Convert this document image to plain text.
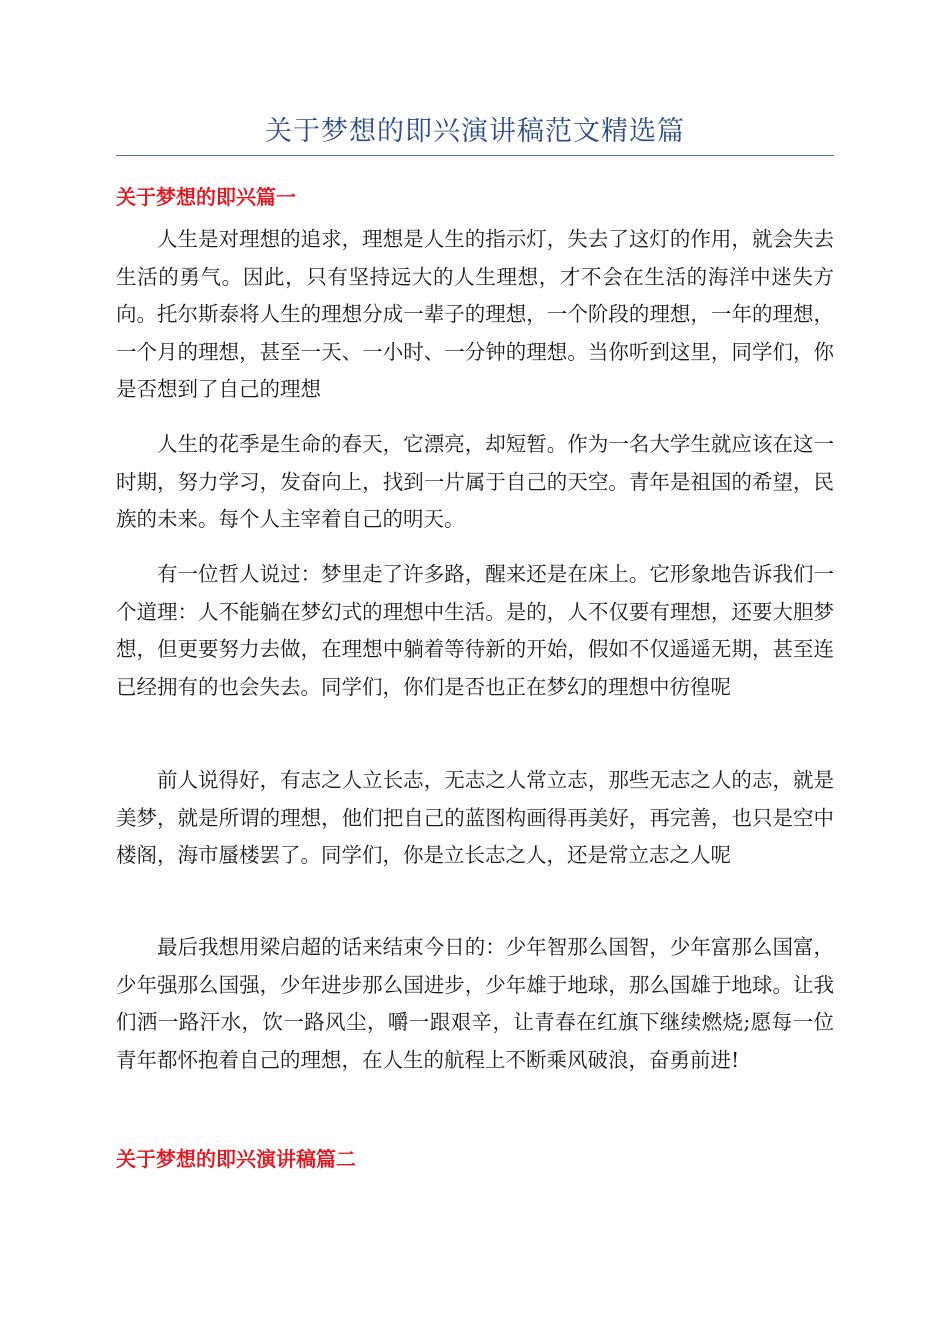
关于梦想的即兴演讲稿范文精选篇
关于梦想的即兴篇一

人生是对理想的追求，理想是人生的指示灯，失去了这灯的作用，就会失去生活的勇气。因此，只有坚持远大的人生理想，才不会在生活的海洋中迷失方向。托尔斯泰将人生的理想分成一辈子的理想，一个阶段的理想，一年的理想，一个月的理想，甚至一天、一小时、一分钟的理想。当你听到这里，同学们，你是否想到了自己的理想

人生的花季是生命的春天，它漂亮，却短暂。作为一名大学生就应该在这一时期，努力学习，发奋向上，找到一片属于自己的天空。青年是祖国的希望，民族的未来。每个人主宰着自己的明天。

有一位哲人说过：梦里走了许多路，醒来还是在床上。它形象地告诉我们一个道理：人不能躺在梦幻式的理想中生活。是的，人不仅要有理想，还要大胆梦想，但更要努力去做，在理想中躺着等待新的开始，假如不仅遥遥无期，甚至连已经拥有的也会失去。同学们，你们是否也正在梦幻的理想中彷徨呢

前人说得好，有志之人立长志，无志之人常立志，那些无志之人的志，就是美梦，就是所谓的理想，他们把自己的蓝图构画得再美好，再完善，也只是空中楼阁，海市蜃楼罢了。同学们，你是立长志之人，还是常立志之人呢

最后我想用梁启超的话来结束今日的：少年智那么国智，少年富那么国富，少年强那么国强，少年进步那么国进步，少年雄于地球，那么国雄于地球。让我们洒一路汗水，饮一路风尘，嚼一跟艰辛，让青春在红旗下继续燃烧;愿每一位青年都怀抱着自己的理想，在人生的航程上不断乘风破浪，奋勇前进!

关于梦想的即兴演讲稿篇二
